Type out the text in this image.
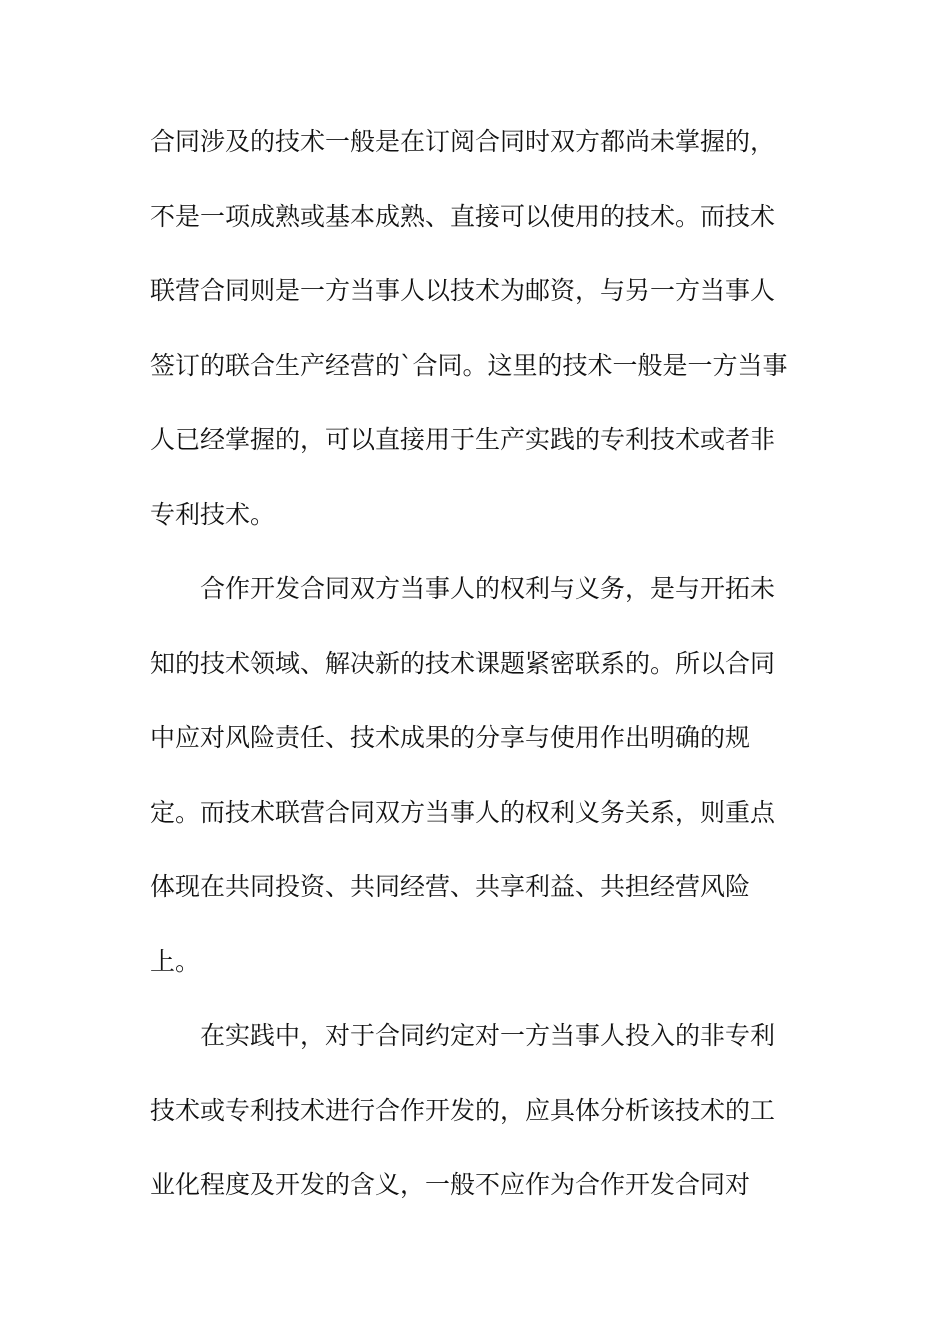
合同涉及的技术一般是在订阅合同时双方都尚未掌握的，
不是一项成熟或基本成熟、直接可以使用的技术。而技术
联营合同则是一方当事人以技术为邮资，与另一方当事人
签订的联合生产经营的`合同。这里的技术一般是一方当事
人已经掌握的，可以直接用于生产实践的专利技术或者非
专利技术。
合作开发合同双方当事人的权利与义务，是与开拓未
知的技术领域、解决新的技术课题紧密联系的。所以合同
中应对风险责任、技术成果的分享与使用作出明确的规
定。而技术联营合同双方当事人的权利义务关系，则重点
体现在共同投资、共同经营、共享利益、共担经营风险
上。
在实践中，对于合同约定对一方当事人投入的非专利
技术或专利技术进行合作开发的，应具体分析该技术的工
业化程度及开发的含义，一般不应作为合作开发合同对
